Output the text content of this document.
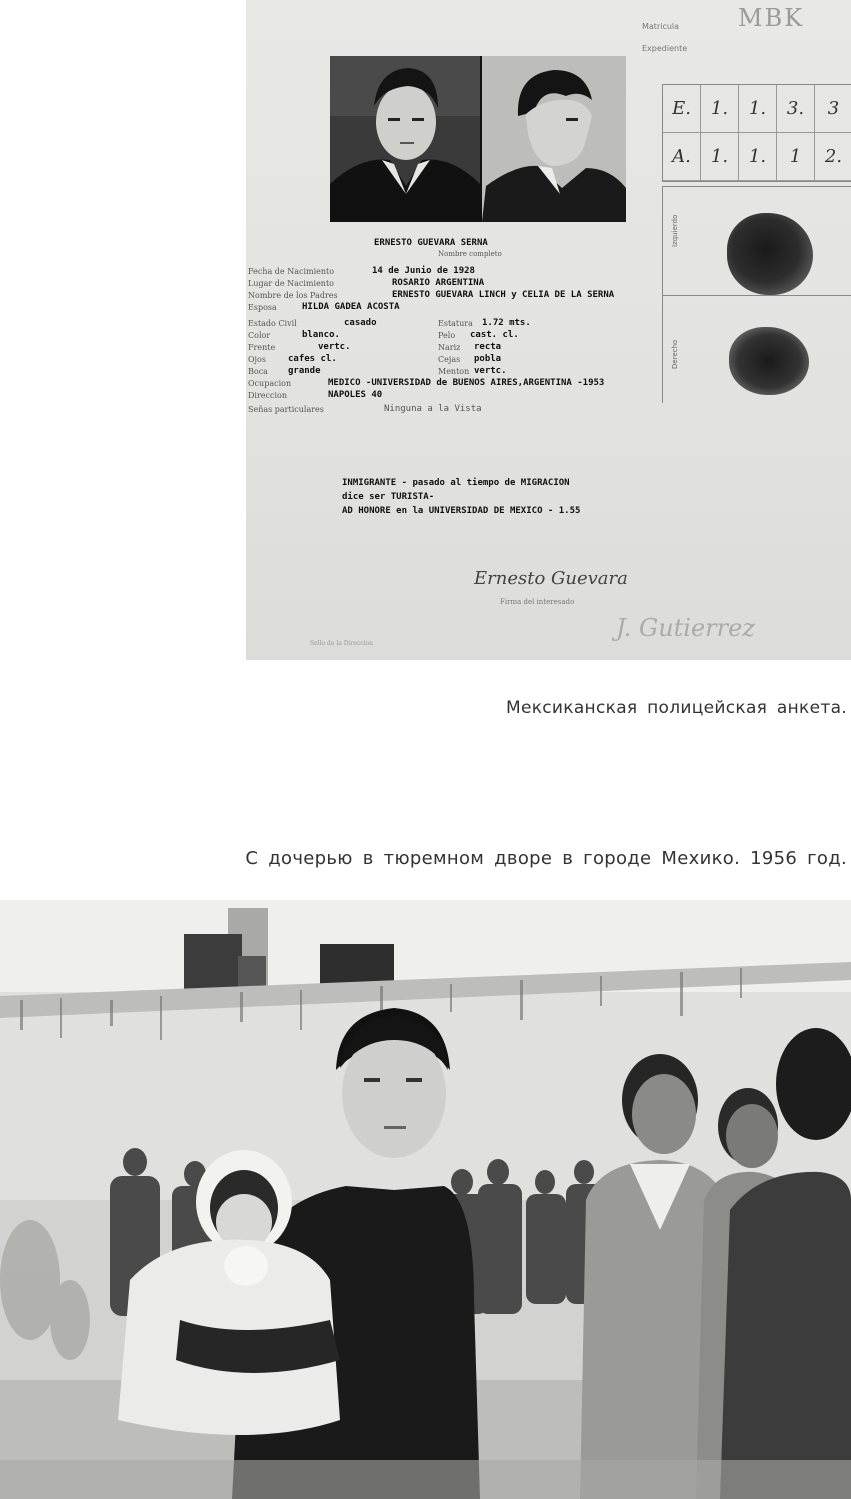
Matricula
Expediente
MBK
E.	1.	1.	3.	3
A.	1.	1.	1	2.
Izquierdo
Derecho
ERNESTO GUEVARA SERNA
Nombre completo
Fecha de Nacimiento	14 de Junio de 1928
Lugar de Nacimiento	ROSARIO ARGENTINA
Nombre de los Padres	ERNESTO GUEVARA LINCH y CELIA DE LA SERNA
Esposa	HILDA GADEA ACOSTA
Estado Civil	casado	Estatura 1.72 mts.
Color	blanco.	Pelo cast. cl.
Frente	vertc.	Nariz recta
Ojos cafes cl.	Cejas pobla
Boca grande	Menton vertc.
Ocupacion	MEDICO -UNIVERSIDAD de BUENOS AIRES,ARGENTINA -1953
Direccion	NAPOLES 40
Señas particulares	Ninguna a la Vista
INMIGRANTE - pasado al tiempo de MIGRACION
dice ser TURISTA-
AD HONORE en la UNIVERSIDAD DE MEXICO - 1.55
Ernesto Guevara
Firma del interesado
J. Gutierrez
Sello de la Direccion
Мексиканская полицейская анкета.
С дочерью в тюремном дворе в городе Мехико. 1956 год.
